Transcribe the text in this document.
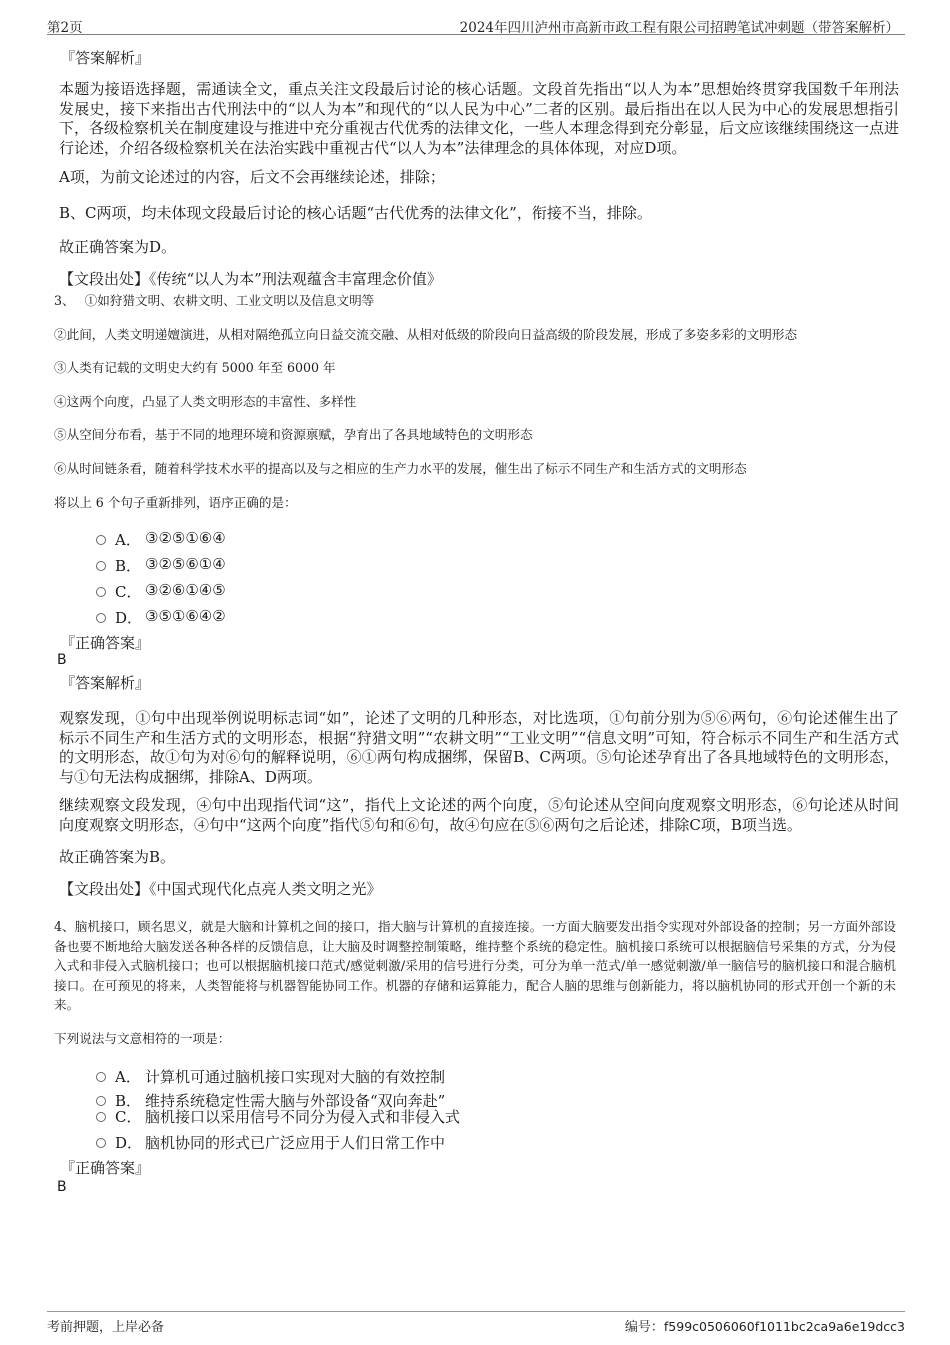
第2页	2024年四川泸州市高新市政工程有限公司招聘笔试冲刺题（带答案解析）
『答案解析』
本题为接语选择题，需通读全文，重点关注文段最后讨论的核心话题。文段首先指出“以人为本”思想始终贯穿我国数千年刑法发展史，接下来指出古代刑法中的“以人为本”和现代的“以人民为中心”二者的区别。最后指出在以人民为中心的发展思想指引下，各级检察机关在制度建设与推进中充分重视古代优秀的法律文化，一些人本理念得到充分彰显，后文应该继续围绕这一点进行论述，介绍各级检察机关在法治实践中重视古代“以人为本”法律理念的具体体现，对应D项。
A项，为前文论述过的内容，后文不会再继续论述，排除；
B、C两项，均未体现文段最后讨论的核心话题“古代优秀的法律文化”，衔接不当，排除。
故正确答案为D。
【文段出处】《传统“以人为本”刑法观蕴含丰富理念价值》
3、 ①如狩猎文明、农耕文明、工业文明以及信息文明等
②此间，人类文明递嬗演进，从相对隔绝孤立向日益交流交融、从相对低级的阶段向日益高级的阶段发展，形成了多姿多彩的文明形态
③人类有记载的文明史大约有 5000 年至 6000 年
④这两个向度，凸显了人类文明形态的丰富性、多样性
⑤从空间分布看，基于不同的地理环境和资源禀赋，孕育出了各具地域特色的文明形态
⑥从时间链条看，随着科学技术水平的提高以及与之相应的生产力水平的发展，催生出了标示不同生产和生活方式的文明形态
将以上 6 个句子重新排列，语序正确的是：
A． ③②⑤①⑥④
B． ③②⑤⑥①④
C． ③②⑥①④⑤
D． ③⑤①⑥④②
『正确答案』
B
『答案解析』
观察发现，①句中出现举例说明标志词“如”，论述了文明的几种形态，对比选项，①句前分别为⑤⑥两句，⑥句论述催生出了标示不同生产和生活方式的文明形态，根据“狩猎文明”“农耕文明”“工业文明”“信息文明”可知，符合标示不同生产和生活方式的文明形态，故①句为对⑥句的解释说明，⑥①两句构成捆绑，保留B、C两项。⑤句论述孕育出了各具地域特色的文明形态，与①句无法构成捆绑，排除A、D两项。
继续观察文段发现，④句中出现指代词“这”，指代上文论述的两个向度，⑤句论述从空间向度观察文明形态，⑥句论述从时间向度观察文明形态，④句中“这两个向度”指代⑤句和⑥句，故④句应在⑤⑥两句之后论述，排除C项，B项当选。
故正确答案为B。
【文段出处】《中国式现代化点亮人类文明之光》
4、脑机接口，顾名思义，就是大脑和计算机之间的接口，指大脑与计算机的直接连接。一方面大脑要发出指令实现对外部设备的控制；另一方面外部设备也要不断地给大脑发送各种各样的反馈信息，让大脑及时调整控制策略，维持整个系统的稳定性。脑机接口系统可以根据脑信号采集的方式，分为侵入式和非侵入式脑机接口；也可以根据脑机接口范式/感觉刺激/采用的信号进行分类，可分为单一范式/单一感觉刺激/单一脑信号的脑机接口和混合脑机接口。在可预见的将来，人类智能将与机器智能协同工作。机器的存储和运算能力，配合人脑的思维与创新能力，将以脑机协同的形式开创一个新的未来。
下列说法与文意相符的一项是：
A． 计算机可通过脑机接口实现对大脑的有效控制
B． 维持系统稳定性需大脑与外部设备“双向奔赴”
C． 脑机接口以采用信号不同分为侵入式和非侵入式
D． 脑机协同的形式已广泛应用于人们日常工作中
『正确答案』
B
考前押题，上岸必备	编号：f599c0506060f1011bc2ca9a6e19dcc3
